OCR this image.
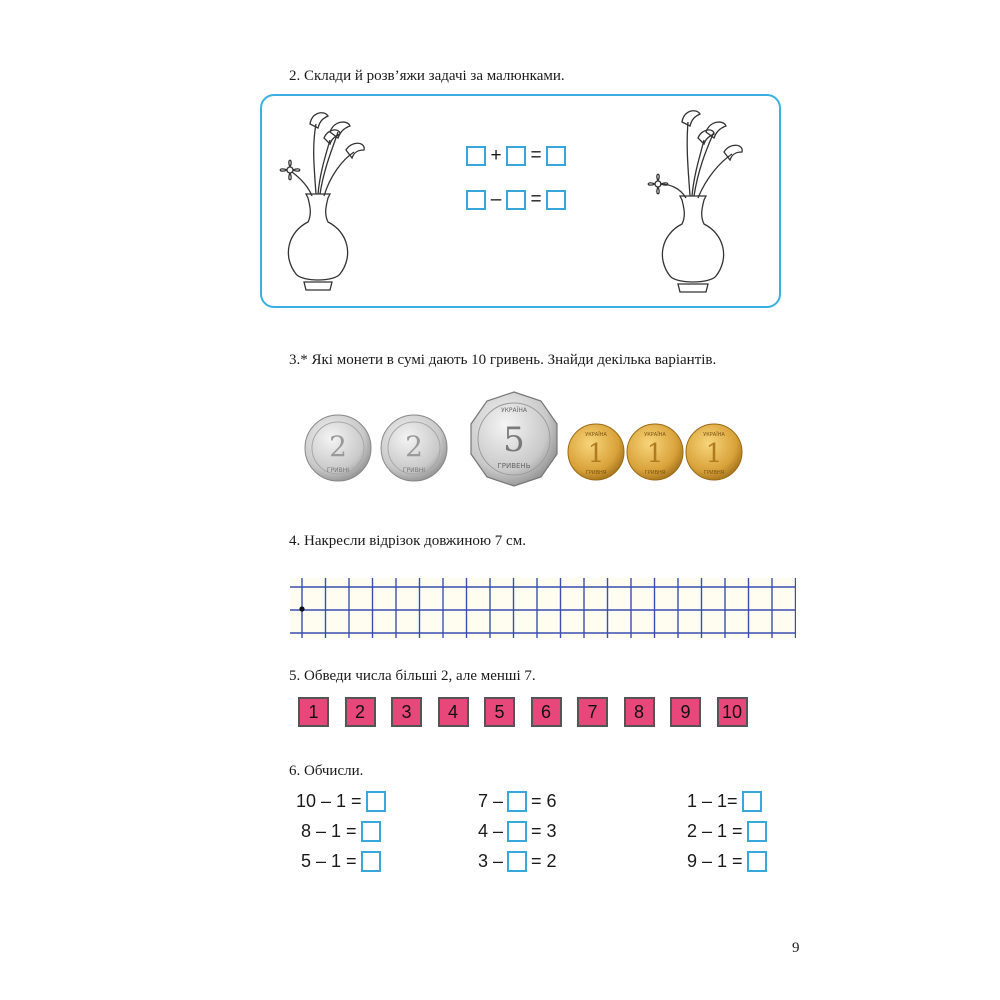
2. Склади й розв’яжи задачі за малюнками.
+ =
– =
3.* Які монети в сумі дають 10 гривень. Знайди декілька варіантів.
2
ГРИВНІ
2
ГРИВНІ
УКРАЇНА
5
ГРИВЕНЬ
УКРАЇНА
1
ГРИВНЯ
УКРАЇНА
1
ГРИВНЯ
УКРАЇНА
1
ГРИВНЯ
4. Накресли відрізок довжиною 7 см.
5. Обведи числа більші 2, але менші 7.
1	2	3	4	5	6	7	8	9	10
6. Обчисли.
10 – 1 =
8 – 1 =
5 – 1 =
7 – = 6
4 – = 3
3 – = 2
1 – 1=
2 – 1 =
9 – 1 =
9
